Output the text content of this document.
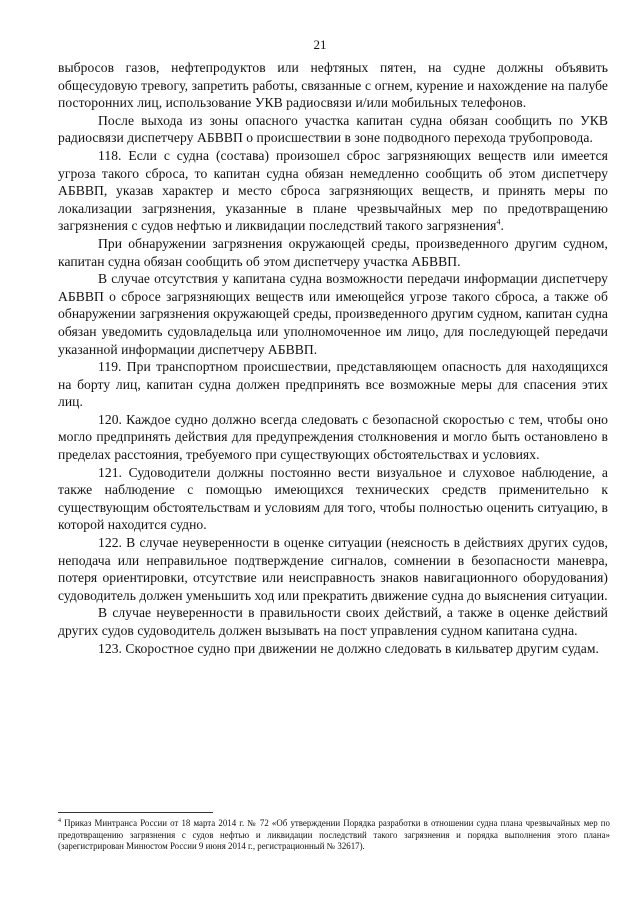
21

выбросов газов, нефтепродуктов или нефтяных пятен, на судне должны объявить общесудовую тревогу, запретить работы, связанные с огнем, курение и нахождение на палубе посторонних лиц, использование УКВ радиосвязи и/или мобильных телефонов.

После выхода из зоны опасного участка капитан судна обязан сообщить по УКВ радиосвязи диспетчеру АБВВП о происшествии в зоне подводного перехода трубопровода.

118. Если с судна (состава) произошел сброс загрязняющих веществ или имеется угроза такого сброса, то капитан судна обязан немедленно сообщить об этом диспетчеру АБВВП, указав характер и место сброса загрязняющих веществ, и принять меры по локализации загрязнения, указанные в плане чрезвычайных мер по предотвращению загрязнения с судов нефтью и ликвидации последствий такого загрязнения$^4$.

При обнаружении загрязнения окружающей среды, произведенного другим судном, капитан судна обязан сообщить об этом диспетчеру участка АБВВП.

В случае отсутствия у капитана судна возможности передачи информации диспетчеру АБВВП о сбросе загрязняющих веществ или имеющейся угрозе такого сброса, а также об обнаружении загрязнения окружающей среды, произведенного другим судном, капитан судна обязан уведомить судовладельца или уполномоченное им лицо, для последующей передачи указанной информации диспетчеру АБВВП.

119. При транспортном происшествии, представляющем опасность для находящихся на борту лиц, капитан судна должен предпринять все возможные меры для спасения этих лиц.

120. Каждое судно должно всегда следовать с безопасной скоростью с тем, чтобы оно могло предпринять действия для предупреждения столкновения и могло быть остановлено в пределах расстояния, требуемого при существующих обстоятельствах и условиях.

121. Судоводители должны постоянно вести визуальное и слуховое наблюдение, а также наблюдение с помощью имеющихся технических средств применительно к существующим обстоятельствам и условиям для того, чтобы полностью оценить ситуацию, в которой находится судно.

122. В случае неуверенности в оценке ситуации (неясность в действиях других судов, неподача или неправильное подтверждение сигналов, сомнении в безопасности маневра, потеря ориентировки, отсутствие или неисправность знаков навигационного оборудования) судоводитель должен уменьшить ход или прекратить движение судна до выяснения ситуации.

В случае неуверенности в правильности своих действий, а также в оценке действий других судов судоводитель должен вызывать на пост управления судном капитана судна.

123. Скоростное судно при движении не должно следовать в кильватер другим судам.

$^4$ Приказ Минтранса России от 18 марта 2014 г. № 72 «Об утверждении Порядка разработки в отношении судна плана чрезвычайных мер по предотвращению загрязнения с судов нефтью и ликвидации последствий такого загрязнения и порядка выполнения этого плана» (зарегистрирован Минюстом России 9 июня 2014 г., регистрационный № 32617).
